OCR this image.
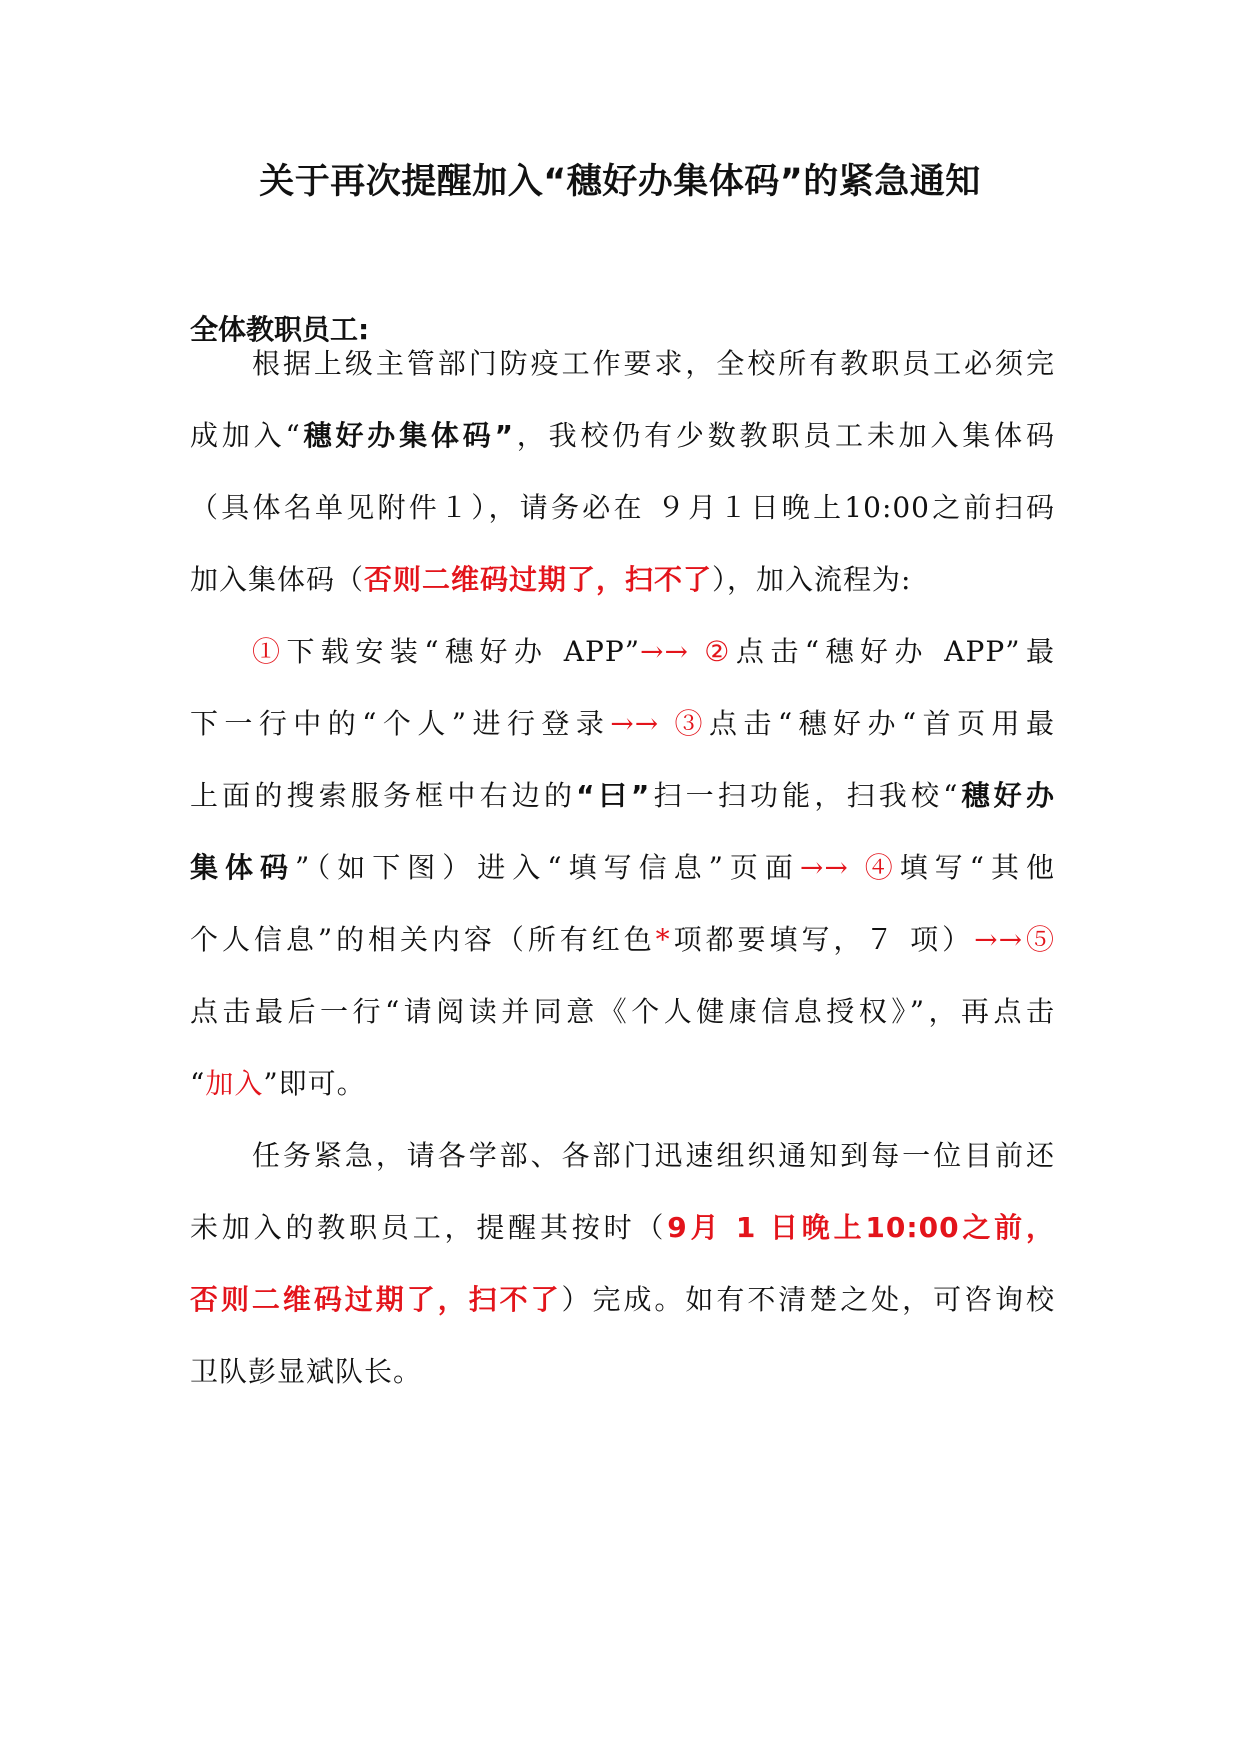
关于再次提醒加入“穗好办集体码”的紧急通知
全体教职员工:
根据上级主管部门防疫工作要求，全校所有教职员工必须完
成加入“穗好办集体码”，我校仍有少数教职员工未加入集体码
（具体名单见附件１），请务必在 ９月１日晚上10:00之前扫码
加入集体码（否则二维码过期了，扫不了），加入流程为:
①下载安装“穗好办 APP”→→ ②点击“穗好办 APP”最
下一行中的“个人”进行登录→→ ③点击“穗好办“首页用最
上面的搜索服务框中右边的“曰”扫一扫功能，扫我校“穗好办
集体码”（如下图）进入“填写信息”页面→→ ④填写“其他
个人信息”的相关内容（所有红色*项都要填写，７ 项）→→⑤
点击最后一行“请阅读并同意《个人健康信息授权》”，再点击
“加入”即可。
任务紧急，请各学部、各部门迅速组织通知到每一位目前还
未加入的教职员工，提醒其按时（9月 1 日晚上10:00之前，
否则二维码过期了，扫不了）完成。如有不清楚之处，可咨询校
卫队彭显斌队长。
